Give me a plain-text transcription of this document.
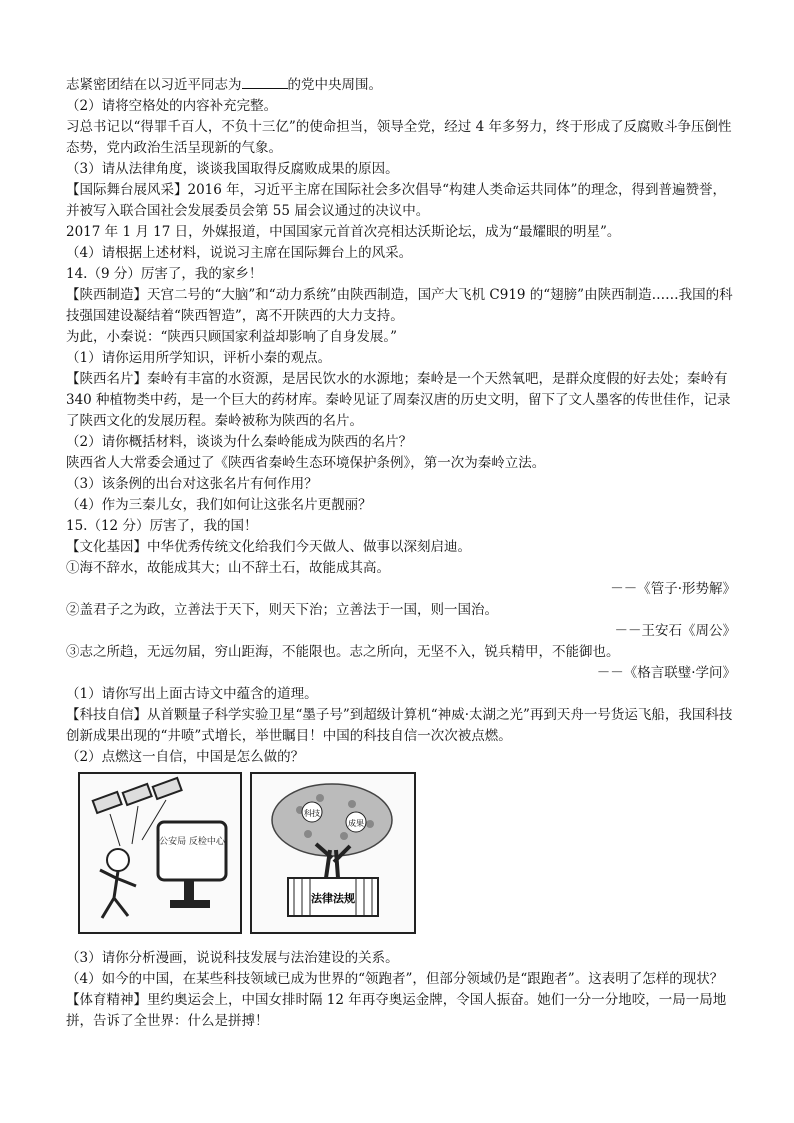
志紧密团结在以习近平同志为	的党中央周围。
（2）请将空格处的内容补充完整。
习总书记以“得罪千百人，不负十三亿”的使命担当，领导全党，经过 4 年多努力，终于形成了反腐败斗争压倒性态势，党内政治生活呈现新的气象。
（3）请从法律角度，谈谈我国取得反腐败成果的原因。
【国际舞台展风采】2016 年，习近平主席在国际社会多次倡导“构建人类命运共同体”的理念，得到普遍赞誉，并被写入联合国社会发展委员会第 55 届会议通过的决议中。
2017 年 1 月 17 日，外媒报道，中国国家元首首次亮相达沃斯论坛，成为“最耀眼的明星”。
（4）请根据上述材料，说说习主席在国际舞台上的风采。
14.（9 分）厉害了，我的家乡！
【陕西制造】天宫二号的“大脑”和“动力系统”由陕西制造，国产大飞机 C919 的“翅膀”由陕西制造……我国的科技强国建设凝结着“陕西智造”，离不开陕西的大力支持。
为此，小秦说：“陕西只顾国家利益却影响了自身发展。”
（1）请你运用所学知识，评析小秦的观点。
【陕西名片】秦岭有丰富的水资源，是居民饮水的水源地；秦岭是一个天然氧吧，是群众度假的好去处；秦岭有 340 种植物类中药，是一个巨大的药材库。秦岭见证了周秦汉唐的历史文明，留下了文人墨客的传世佳作，记录了陕西文化的发展历程。秦岭被称为陕西的名片。
（2）请你概括材料，谈谈为什么秦岭能成为陕西的名片？
陕西省人大常委会通过了《陕西省秦岭生态环境保护条例》，第一次为秦岭立法。
（3）该条例的出台对这张名片有何作用？
（4）作为三秦儿女，我们如何让这张名片更靓丽？
15.（12 分）厉害了，我的国！
【文化基因】中华优秀传统文化给我们今天做人、做事以深刻启迪。
①海不辞水，故能成其大；山不辞土石，故能成其高。
－－《管子·形势解》
②盖君子之为政，立善法于天下，则天下治；立善法于一国，则一国治。
－－王安石《周公》
③志之所趋，无远勿届，穷山距海，不能限也。志之所向，无坚不入，锐兵精甲，不能御也。
－－《格言联璧·学问》
（1）请你写出上面古诗文中蕴含的道理。
【科技自信】从首颗量子科学实验卫星“墨子号”到超级计算机“神威·太湖之光”再到天舟一号货运飞船，我国科技创新成果出现的“井喷”式增长，举世瞩目！中国的科技自信一次次被点燃。
（2）点燃这一自信，中国是怎么做的？
公安局 反检中心
科技
成果
法律法规
（3）请你分析漫画，说说科技发展与法治建设的关系。
（4）如今的中国，在某些科技领域已成为世界的“领跑者”，但部分领域仍是“跟跑者”。这表明了怎样的现状？
【体育精神】里约奥运会上，中国女排时隔 12 年再夺奥运金牌，令国人振奋。她们一分一分地咬，一局一局地拼，告诉了全世界：什么是拼搏！
